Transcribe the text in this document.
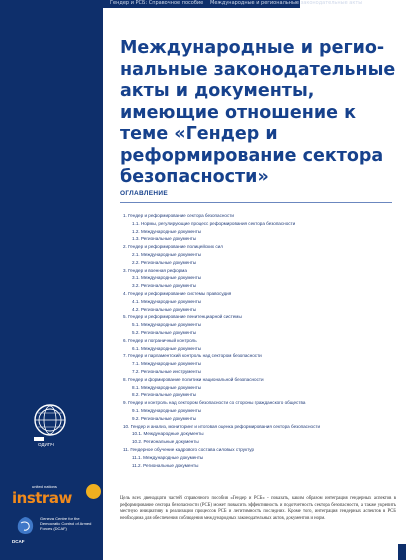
ОДИПЧ
united nations
instraw
DCAF
Geneva Centre for the Democratic Control of Armed Forces (DCAF)
Гендер и РСБ: Справочное пособие Международные и региональные законодательные акты
Международные и региональные законодательные акты и документы, имеющие отношение к теме «Гендер и реформирование сектора безопасности»
ОГЛАВЛЕНИЕ
1. Гендер и реформирование сектора безопасности
1.1. Нормы, регулирующие процесс реформирования сектора безопасности
1.2. Международные документы
1.3. Региональные документы
2. Гендер и реформирование полицейских сил
2.1. Международные документы
2.2. Региональные документы
3. Гендер и военная реформа
3.1. Международные документы
3.2. Региональные документы
4. Гендер и реформирование системы правосудия
4.1. Международные документы
4.2. Региональные документы
5. Гендер и реформирование пенитенциарной системы
5.1. Международные документы
5.2. Региональные документы
6. Гендер и пограничный контроль
6.1. Международные документы
7. Гендер и парламентский контроль над сектором безопасности
7.1. Международные документы
7.2. Региональные инструменты
8. Гендер и формирование политики национальной безопасности
8.1. Международные документы
8.2. Региональные документы
9. Гендер и контроль над сектором безопасности со стороны гражданского общества
9.1. Международные документы
9.2. Региональные документы
10. Гендер и анализ, мониторинг и итоговая оценка реформирования сектора безопасности
10.1. Международные документы
10.2. Региональные документы
11. Гендерное обучение кадрового состава силовых структур
11.1. Международные документы
11.2. Региональные документы

Цель всех двенадцати частей справочного пособия «Гендер и РСБ» - показать, каким образом интеграция гендерных аспектов в реформирование сектора безопасности (РСБ) может повысить эффективность и подотчетность сектора безопасности, а также укрепить местную инициативу в реализации процессов РСБ и легитимность последних. Кроме того, интеграция гендерных аспектов в РСБ необходима для обеспечения соблюдения международных законодательных актов, документов и норм.
